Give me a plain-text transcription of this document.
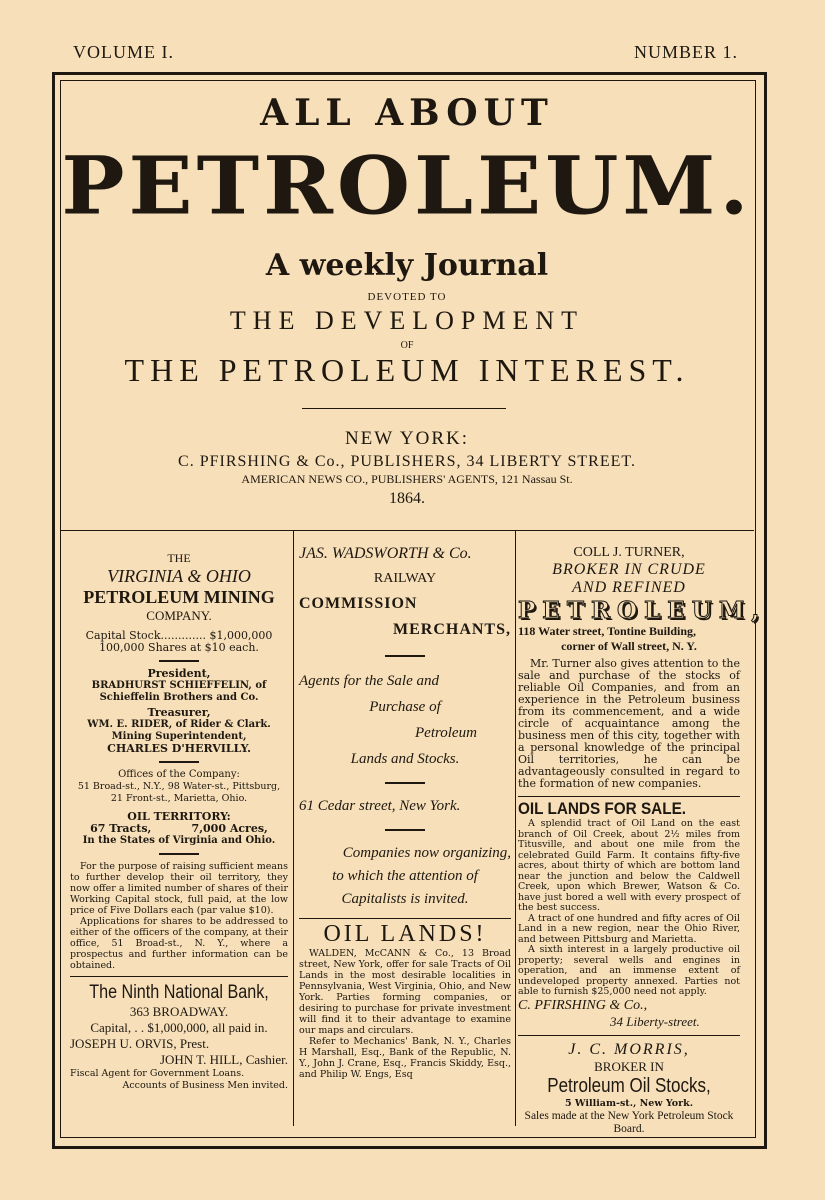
VOLUME I.	NUMBER 1.
ALL ABOUT
PETROLEUM.
A weekly Journal
DEVOTED TO
THE DEVELOPMENT
OF
THE PETROLEUM INTEREST.
NEW YORK:
C. PFIRSHING & Co., PUBLISHERS, 34 LIBERTY STREET.
AMERICAN NEWS CO., PUBLISHERS' AGENTS, 121 Nassau St.
1864.

THE

VIRGINIA & OHIO

PETROLEUM MINING

COMPANY.

Capital Stock............. $1,000,000

100,000 Shares at $10 each.

President,

BRADHURST SCHIEFFELIN, of

Schieffelin Brothers and Co.

Treasurer,

WM. E. RIDER, of Rider & Clark.

Mining Superintendent,

CHARLES D'HERVILLY.

Offices of the Company:

51 Broad-st., N.Y., 98 Water-st., Pittsburg,

21 Front-st., Marietta, Ohio.

OIL TERRITORY:

67 Tracts,	7,000 Acres,

In the States of Virginia and Ohio.

For the purpose of raising sufficient means to further develop their oil territory, they now offer a limited number of shares of their Working Capital stock, full paid, at the low price of Five Dollars each (par value $10).

Applications for shares to be addressed to either of the officers of the company, at their office, 51 Broad-st., N. Y., where a prospectus and further information can be obtained.

The Ninth National Bank,

363 BROADWAY.

Capital, . . $1,000,000, all paid in.

JOSEPH U. ORVIS, Prest.

JOHN T. HILL, Cashier.

Fiscal Agent for Government Loans.

Accounts of Business Men invited.

JAS. WADSWORTH & Co.

RAILWAY

COMMISSION

MERCHANTS,

Agents for the Sale and

Purchase of

Petroleum

Lands and Stocks.

61 Cedar street, New York.

Companies now organizing,

to which the attention of

Capitalists is invited.

OIL LANDS!

WALDEN, McCANN & Co., 13 Broad street, New York, offer for sale Tracts of Oil Lands in the most desirable localities in Pennsylvania, West Virginia, Ohio, and New York. Parties forming companies, or desiring to purchase for private investment will find it to their advantage to examine our maps and circulars.

Refer to Mechanics' Bank, N. Y., Charles H Marshall, Esq., Bank of the Republic, N. Y., John J. Crane, Esq., Francis Skiddy, Esq., and Philip W. Engs, Esq

COLL J. TURNER,

BROKER IN CRUDE

AND REFINED

PETROLEUM,

118 Water street, Tontine Building,

corner of Wall street, N. Y.

Mr. Turner also gives attention to the sale and purchase of the stocks of reliable Oil Companies, and from an experience in the Petroleum business from its commencement, and a wide circle of acquaintance among the business men of this city, together with a personal knowledge of the principal Oil territories, he can be advantageously consulted in regard to the formation of new companies.

OIL LANDS FOR SALE.

A splendid tract of Oil Land on the east branch of Oil Creek, about 2½ miles from Titusville, and about one mile from the celebrated Guild Farm. It contains fifty-five acres, about thirty of which are bottom land near the junction and below the Caldwell Creek, upon which Brewer, Watson & Co. have just bored a well with every prospect of the best success.

A tract of one hundred and fifty acres of Oil Land in a new region, near the Ohio River, and between Pittsburg and Marietta.

A sixth interest in a largely productive oil property; several wells and engines in operation, and an immense extent of undeveloped property annexed. Parties not able to furnish $25,000 need not apply.

C. PFIRSHING & Co.,

34 Liberty-street.

J. C. MORRIS,

BROKER IN

Petroleum Oil Stocks,

5 William-st., New York.

Sales made at the New York Petroleum Stock Board.
